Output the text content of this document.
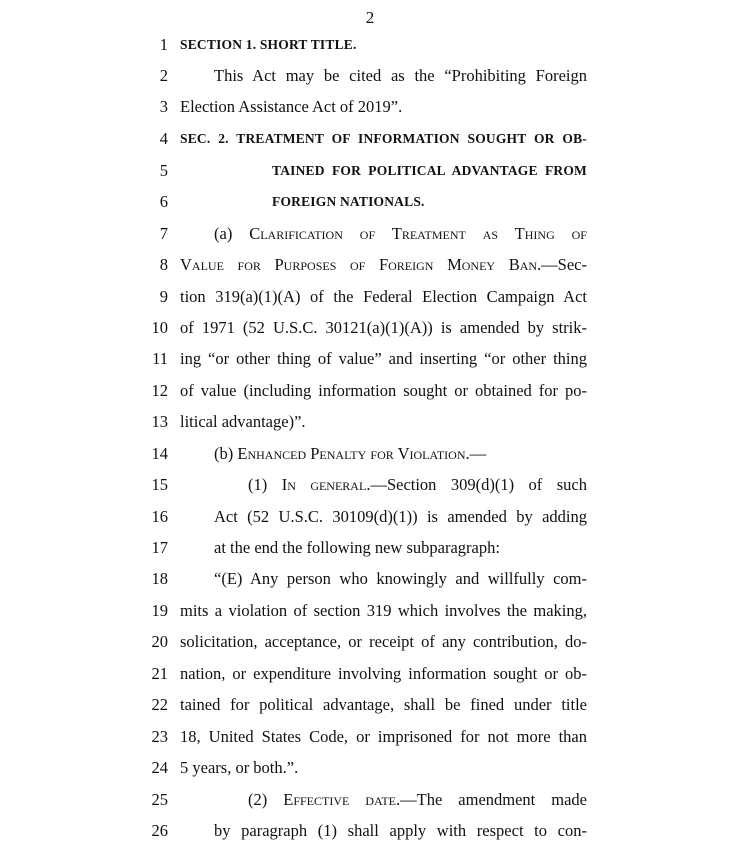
2
1 SECTION 1. SHORT TITLE.
2	This Act may be cited as the “Prohibiting Foreign
3 Election Assistance Act of 2019”.
4 SEC. 2. TREATMENT OF INFORMATION SOUGHT OR OB-
5	TAINED FOR POLITICAL ADVANTAGE FROM
6	FOREIGN NATIONALS.
7	(a) Clarification of Treatment as Thing of
8 Value for Purposes of Foreign Money Ban.—Sec-
9 tion 319(a)(1)(A) of the Federal Election Campaign Act
10 of 1971 (52 U.S.C. 30121(a)(1)(A)) is amended by strik-
11 ing “or other thing of value” and inserting “or other thing
12 of value (including information sought or obtained for po-
13 litical advantage)”.
14	(b) Enhanced Penalty for Violation.—
15	(1) In general.—Section 309(d)(1) of such
16	Act (52 U.S.C. 30109(d)(1)) is amended by adding
17	at the end the following new subparagraph:
18	“(E) Any person who knowingly and willfully com-
19 mits a violation of section 319 which involves the making,
20 solicitation, acceptance, or receipt of any contribution, do-
21 nation, or expenditure involving information sought or ob-
22 tained for political advantage, shall be fined under title
23 18, United States Code, or imprisoned for not more than
24 5 years, or both.”.
25	(2) Effective date.—The amendment made
26	by paragraph (1) shall apply with respect to con-
